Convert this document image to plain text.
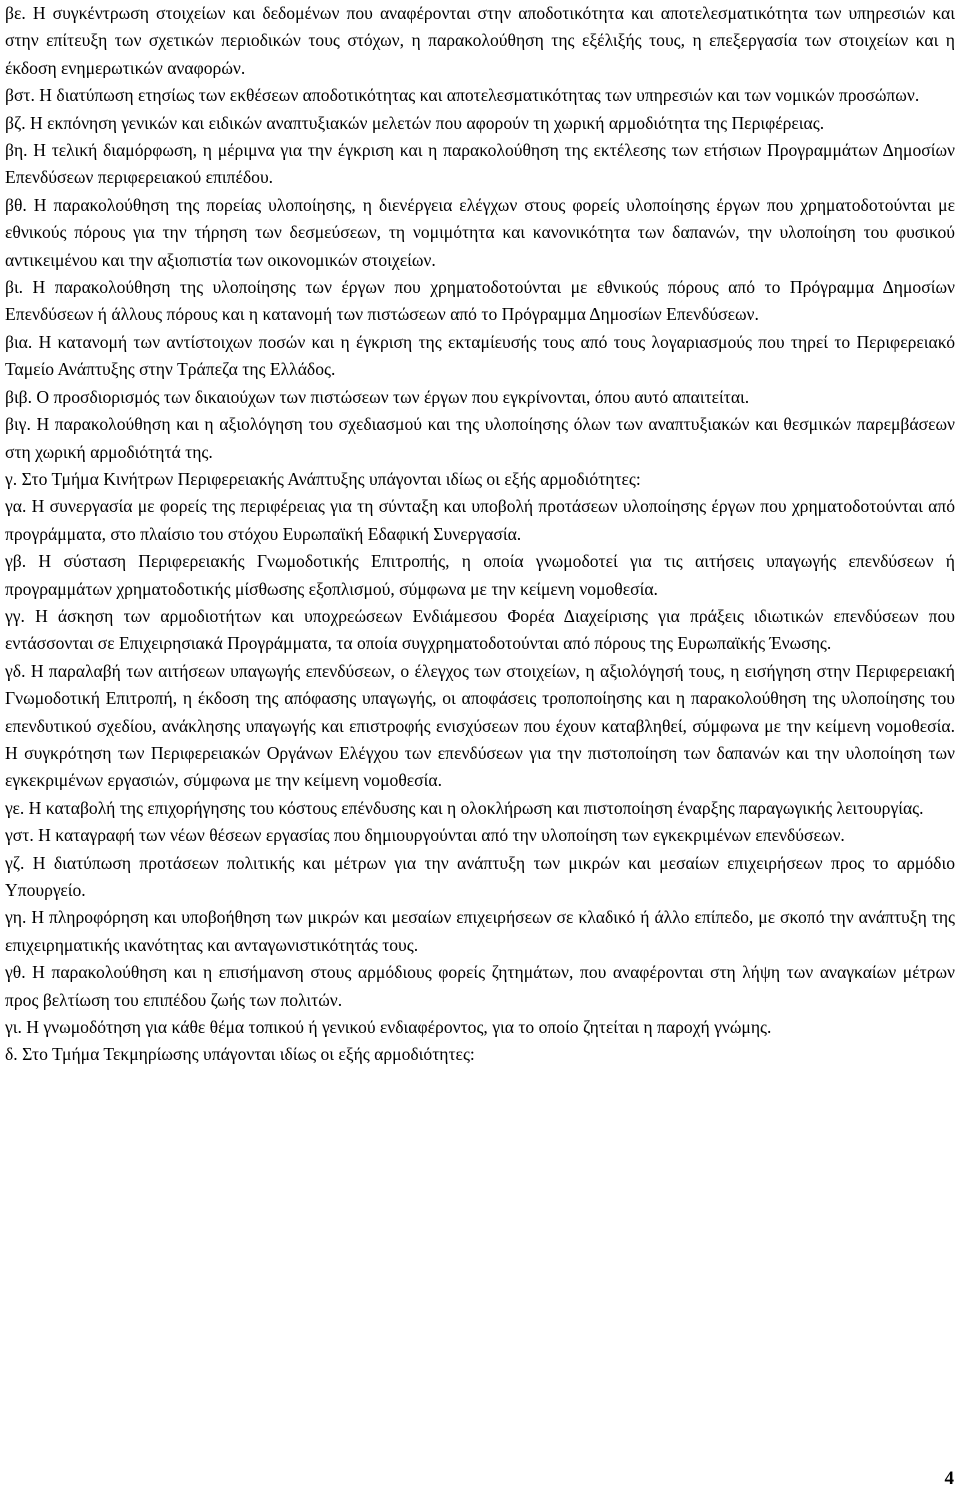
βε. Η συγκέντρωση στοιχείων και δεδομένων που αναφέρονται στην αποδοτικότητα και αποτελεσματικότητα των υπηρεσιών και στην επίτευξη των σχετικών περιοδικών τους στόχων, η παρακολούθηση της εξέλιξής τους, η επεξεργασία των στοιχείων και η έκδοση ενημερωτικών αναφορών.

βστ. Η διατύπωση ετησίως των εκθέσεων αποδοτικότητας και αποτελεσματικότητας των υπηρεσιών και των νομικών προσώπων.

βζ. Η εκπόνηση γενικών και ειδικών αναπτυξιακών μελετών που αφορούν τη χωρική αρμοδιότητα της Περιφέρειας.

βη. Η τελική διαμόρφωση, η μέριμνα για την έγκριση και η παρακολούθηση της εκτέλεσης των ετήσιων Προγραμμάτων Δημοσίων Επενδύσεων περιφερειακού επιπέδου.

βθ. Η παρακολούθηση της πορείας υλοποίησης, η διενέργεια ελέγχων στους φορείς υλοποίησης έργων που χρηματοδοτούνται με εθνικούς πόρους για την τήρηση των δεσμεύσεων, τη νομιμότητα και κανονικότητα των δαπανών, την υλοποίηση του φυσικού αντικειμένου και την αξιοπιστία των οικονομικών στοιχείων.

βι. Η παρακολούθηση της υλοποίησης των έργων που χρηματοδοτούνται με εθνικούς πόρους από το Πρόγραμμα Δημοσίων Επενδύσεων ή άλλους πόρους και η κατανομή των πιστώσεων από το Πρόγραμμα Δημοσίων Επενδύσεων.

βια. Η κατανομή των αντίστοιχων ποσών και η έγκριση της εκταμίευσής τους από τους λογαριασμούς που τηρεί το Περιφερειακό Ταμείο Ανάπτυξης στην Τράπεζα της Ελλάδος.

βιβ. Ο προσδιορισμός των δικαιούχων των πιστώσεων των έργων που εγκρίνονται, όπου αυτό απαιτείται.

βιγ. Η παρακολούθηση και η αξιολόγηση του σχεδιασμού και της υλοποίησης όλων των αναπτυξιακών και θεσμικών παρεμβάσεων στη χωρική αρμοδιότητά της.

γ. Στο Τμήμα Κινήτρων Περιφερειακής Ανάπτυξης υπάγονται ιδίως οι εξής αρμοδιότητες:

γα. Η συνεργασία με φορείς της περιφέρειας για τη σύνταξη και υποβολή προτάσεων υλοποίησης έργων που χρηματοδοτούνται από προγράμματα, στο πλαίσιο του στόχου Ευρωπαϊκή Εδαφική Συνεργασία.

γβ. Η σύσταση Περιφερειακής Γνωμοδοτικής Επιτροπής, η οποία γνωμοδοτεί για τις αιτήσεις υπαγωγής επενδύσεων ή προγραμμάτων χρηματοδοτικής μίσθωσης εξοπλισμού, σύμφωνα με την κείμενη νομοθεσία.

γγ. Η άσκηση των αρμοδιοτήτων και υποχρεώσεων Ενδιάμεσου Φορέα Διαχείρισης για πράξεις ιδιωτικών επενδύσεων που εντάσσονται σε Επιχειρησιακά Προγράμματα, τα οποία συγχρηματοδοτούνται από πόρους της Ευρωπαϊκής Ένωσης.

γδ. Η παραλαβή των αιτήσεων υπαγωγής επενδύσεων, ο έλεγχος των στοιχείων, η αξιολόγησή τους, η εισήγηση στην Περιφερειακή Γνωμοδοτική Επιτροπή, η έκδοση της απόφασης υπαγωγής, οι αποφάσεις τροποποίησης και η παρακολούθηση της υλοποίησης του επενδυτικού σχεδίου, ανάκλησης υπαγωγής και επιστροφής ενισχύσεων που έχουν καταβληθεί, σύμφωνα με την κείμενη νομοθεσία. Η συγκρότηση των Περιφερειακών Οργάνων Ελέγχου των επενδύσεων για την πιστοποίηση των δαπανών και την υλοποίηση των εγκεκριμένων εργασιών, σύμφωνα με την κείμενη νομοθεσία.

γε. Η καταβολή της επιχορήγησης του κόστους επένδυσης και η ολοκλήρωση και πιστοποίηση έναρξης παραγωγικής λειτουργίας.

γστ. Η καταγραφή των νέων θέσεων εργασίας που δημιουργούνται από την υλοποίηση των εγκεκριμένων επενδύσεων.

γζ. Η διατύπωση προτάσεων πολιτικής και μέτρων για την ανάπτυξη των μικρών και μεσαίων επιχειρήσεων προς το αρμόδιο Υπουργείο.

γη. Η πληροφόρηση και υποβοήθηση των μικρών και μεσαίων επιχειρήσεων σε κλαδικό ή άλλο επίπεδο, με σκοπό την ανάπτυξη της επιχειρηματικής ικανότητας και ανταγωνιστικότητάς τους.

γθ. Η παρακολούθηση και η επισήμανση στους αρμόδιους φορείς ζητημάτων, που αναφέρονται στη λήψη των αναγκαίων μέτρων προς βελτίωση του επιπέδου ζωής των πολιτών.

γι. Η γνωμοδότηση για κάθε θέμα τοπικού ή γενικού ενδιαφέροντος, για το οποίο ζητείται η παροχή γνώμης.

δ. Στο Τμήμα Τεκμηρίωσης υπάγονται ιδίως οι εξής αρμοδιότητες:

4
